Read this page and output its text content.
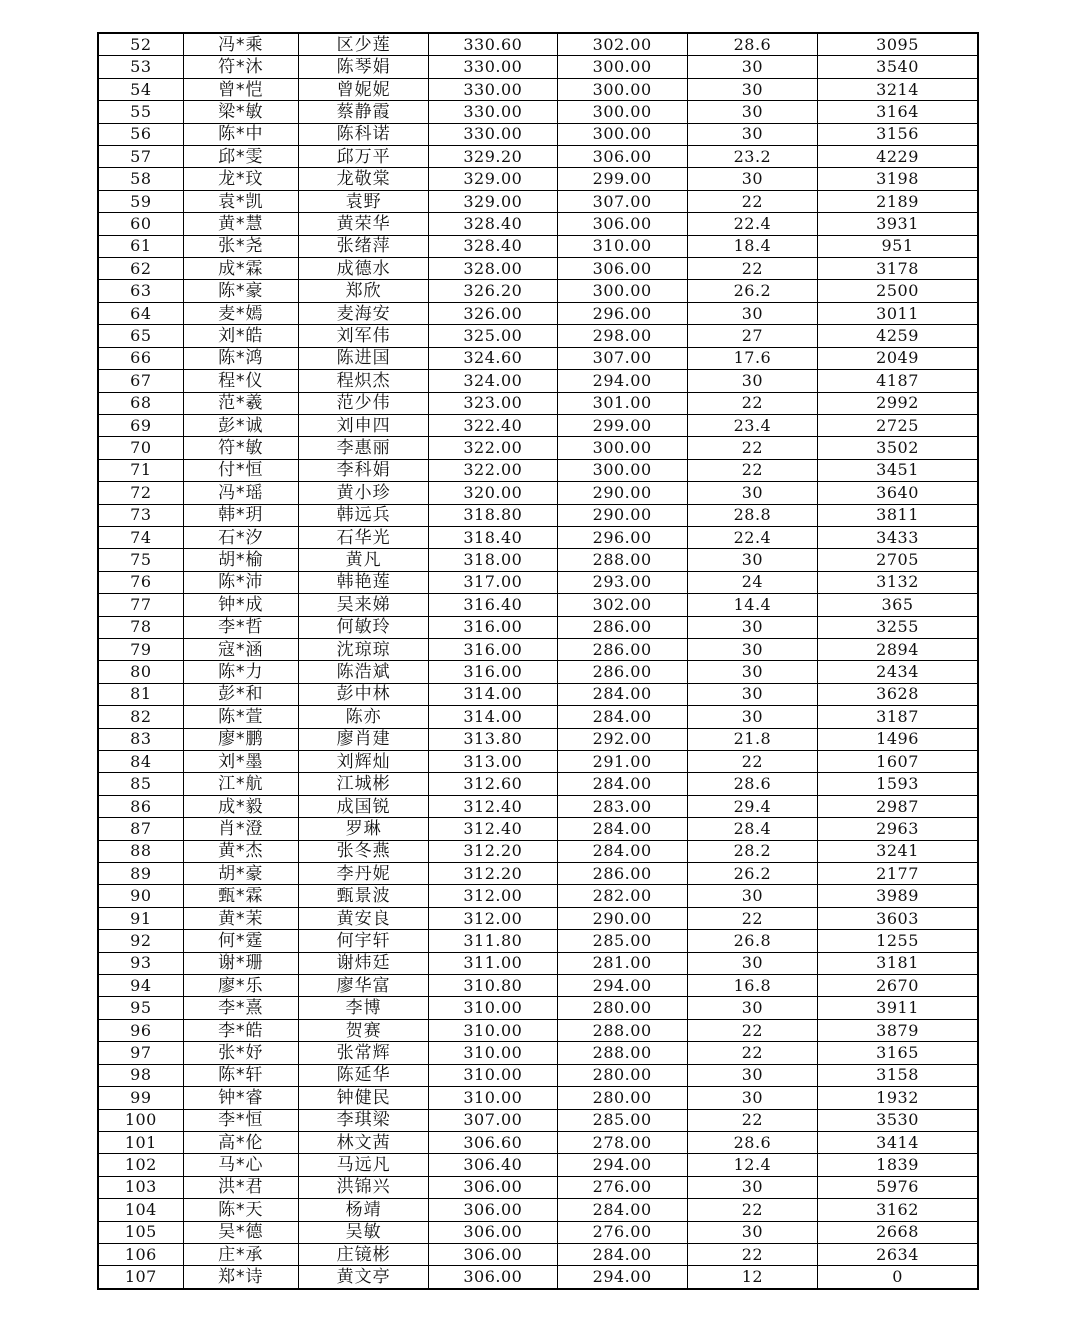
52	冯*乘	区少莲	330.60	302.00	28.6	3095
53	符*沐	陈琴娟	330.00	300.00	30	3540
54	曾*恺	曾妮妮	330.00	300.00	30	3214
55	梁*敏	蔡静霞	330.00	300.00	30	3164
56	陈*中	陈科诺	330.00	300.00	30	3156
57	邱*雯	邱万平	329.20	306.00	23.2	4229
58	龙*玟	龙敬棠	329.00	299.00	30	3198
59	袁*凯	袁野	329.00	307.00	22	2189
60	黄*慧	黄荣华	328.40	306.00	22.4	3931
61	张*尧	张绪萍	328.40	310.00	18.4	951
62	成*霖	成德水	328.00	306.00	22	3178
63	陈*豪	郑欣	326.20	300.00	26.2	2500
64	麦*嫣	麦海安	326.00	296.00	30	3011
65	刘*皓	刘军伟	325.00	298.00	27	4259
66	陈*鸿	陈进国	324.60	307.00	17.6	2049
67	程*仪	程炽杰	324.00	294.00	30	4187
68	范*羲	范少伟	323.00	301.00	22	2992
69	彭*诚	刘申四	322.40	299.00	23.4	2725
70	符*敏	李惠丽	322.00	300.00	22	3502
71	付*恒	李科娟	322.00	300.00	22	3451
72	冯*瑶	黄小珍	320.00	290.00	30	3640
73	韩*玥	韩远兵	318.80	290.00	28.8	3811
74	石*汐	石华光	318.40	296.00	22.4	3433
75	胡*榆	黄凡	318.00	288.00	30	2705
76	陈*沛	韩艳莲	317.00	293.00	24	3132
77	钟*成	吴来娣	316.40	302.00	14.4	365
78	李*哲	何敏玲	316.00	286.00	30	3255
79	寇*涵	沈琼琼	316.00	286.00	30	2894
80	陈*力	陈浩斌	316.00	286.00	30	2434
81	彭*和	彭中林	314.00	284.00	30	3628
82	陈*萱	陈亦	314.00	284.00	30	3187
83	廖*鹏	廖肖建	313.80	292.00	21.8	1496
84	刘*墨	刘辉灿	313.00	291.00	22	1607
85	江*航	江城彬	312.60	284.00	28.6	1593
86	成*毅	成国锐	312.40	283.00	29.4	2987
87	肖*澄	罗琳	312.40	284.00	28.4	2963
88	黄*杰	张冬燕	312.20	284.00	28.2	3241
89	胡*豪	李丹妮	312.20	286.00	26.2	2177
90	甄*霖	甄景波	312.00	282.00	30	3989
91	黄*茉	黄安良	312.00	290.00	22	3603
92	何*霆	何宇轩	311.80	285.00	26.8	1255
93	谢*珊	谢炜廷	311.00	281.00	30	3181
94	廖*乐	廖华富	310.80	294.00	16.8	2670
95	李*熹	李博	310.00	280.00	30	3911
96	李*皓	贺赛	310.00	288.00	22	3879
97	张*妤	张常辉	310.00	288.00	22	3165
98	陈*轩	陈延华	310.00	280.00	30	3158
99	钟*睿	钟健民	310.00	280.00	30	1932
100	李*恒	李琪梁	307.00	285.00	22	3530
101	高*伦	林文茜	306.60	278.00	28.6	3414
102	马*心	马远凡	306.40	294.00	12.4	1839
103	洪*君	洪锦兴	306.00	276.00	30	5976
104	陈*天	杨靖	306.00	284.00	22	3162
105	吴*德	吴敏	306.00	276.00	30	2668
106	庄*承	庄镜彬	306.00	284.00	22	2634
107	郑*诗	黄文亭	306.00	294.00	12	0
